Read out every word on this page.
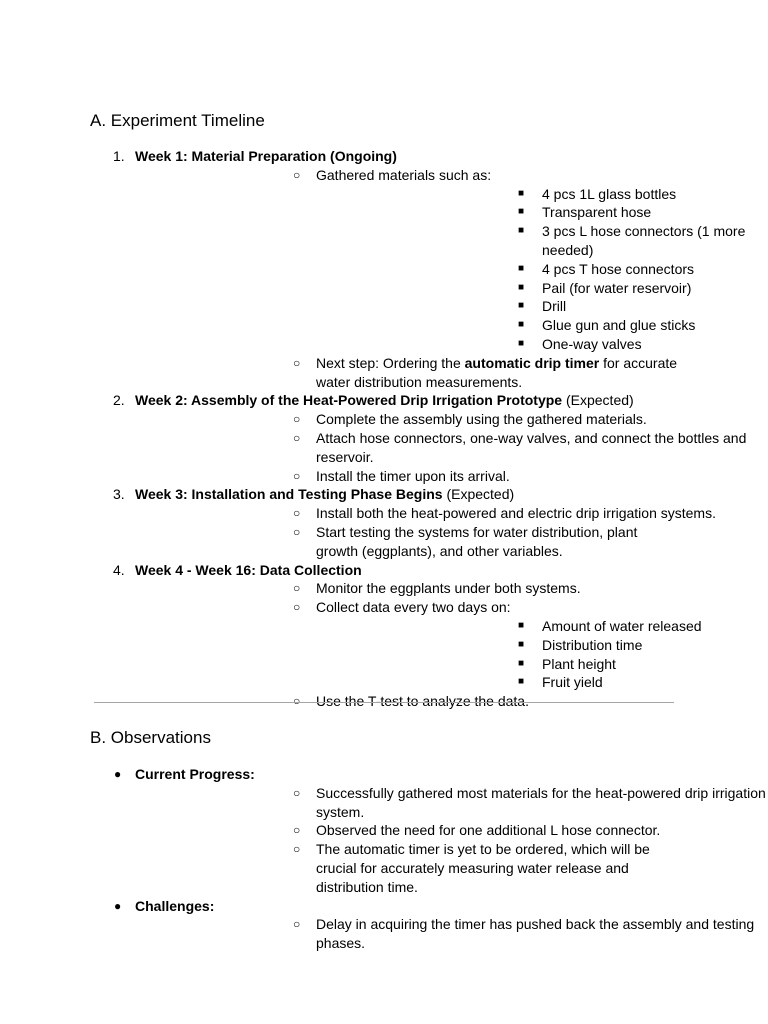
A. Experiment Timeline
1. Week 1: Material Preparation (Ongoing)
○ Gathered materials such as:
■ 4 pcs 1L glass bottles
■ Transparent hose
■ 3 pcs L hose connectors (1 more needed)
■ 4 pcs T hose connectors
■ Pail (for water reservoir)
■ Drill
■ Glue gun and glue sticks
■ One-way valves
○ Next step: Ordering the automatic drip timer for accurate water distribution measurements.
2. Week 2: Assembly of the Heat-Powered Drip Irrigation Prototype (Expected)
○ Complete the assembly using the gathered materials.
○ Attach hose connectors, one-way valves, and connect the bottles and reservoir.
○ Install the timer upon its arrival.
3. Week 3: Installation and Testing Phase Begins (Expected)
○ Install both the heat-powered and electric drip irrigation systems.
○ Start testing the systems for water distribution, plant growth (eggplants), and other variables.
4. Week 4 - Week 16: Data Collection
○ Monitor the eggplants under both systems.
○ Collect data every two days on:
■ Amount of water released
■ Distribution time
■ Plant height
■ Fruit yield
○ Use the T-test to analyze the data.
B. Observations
● Current Progress:
○ Successfully gathered most materials for the heat-powered drip irrigation system.
○ Observed the need for one additional L hose connector.
○ The automatic timer is yet to be ordered, which will be crucial for accurately measuring water release and distribution time.
● Challenges:
○ Delay in acquiring the timer has pushed back the assembly and testing phases.
